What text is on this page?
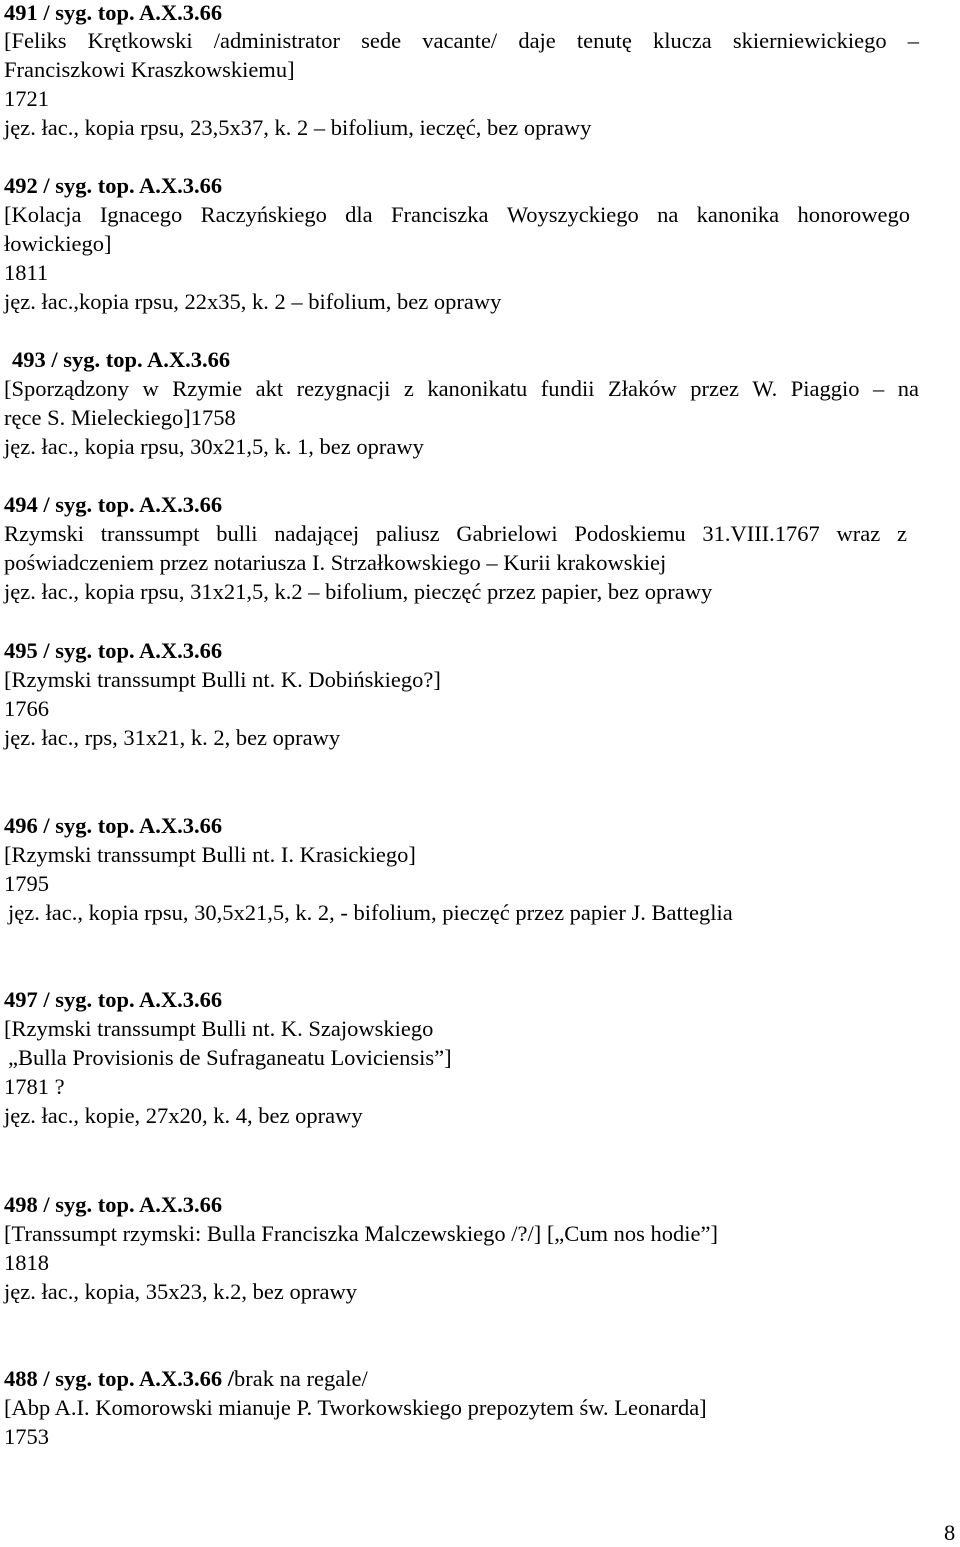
491 / syg. top. A.X.3.66
[Feliks Krętkowski /administrator sede vacante/ daje tenutę klucza skierniewickiego –
Franciszkowi Kraszkowskiemu]
1721
jęz. łac., kopia rpsu, 23,5x37, k. 2 – bifolium, ieczęć, bez oprawy
492 / syg. top. A.X.3.66
[Kolacja Ignacego Raczyńskiego dla Franciszka Woyszyckiego na kanonika honorowego
łowickiego]
1811
jęz. łac.,kopia rpsu, 22x35, k. 2 – bifolium, bez oprawy
493 / syg. top. A.X.3.66
[Sporządzony w Rzymie akt rezygnacji z kanonikatu fundii Złaków przez W. Piaggio – na
ręce S. Mieleckiego]1758
jęz. łac., kopia rpsu, 30x21,5, k. 1, bez oprawy
494 / syg. top. A.X.3.66
Rzymski transsumpt bulli nadającej paliusz Gabrielowi Podoskiemu 31.VIII.1767 wraz z
poświadczeniem przez notariusza I. Strzałkowskiego – Kurii krakowskiej
jęz. łac., kopia rpsu, 31x21,5, k.2 – bifolium, pieczęć przez papier, bez oprawy
495 / syg. top. A.X.3.66
[Rzymski transsumpt Bulli nt. K. Dobińskiego?]
1766
jęz. łac., rps, 31x21, k. 2, bez oprawy
496 / syg. top. A.X.3.66
[Rzymski transsumpt Bulli nt. I. Krasickiego]
1795
jęz. łac., kopia rpsu, 30,5x21,5, k. 2, - bifolium, pieczęć przez papier J. Batteglia
497 / syg. top. A.X.3.66
[Rzymski transsumpt Bulli nt. K. Szajowskiego
„Bulla Provisionis de Sufraganeatu Loviciensis”]
1781 ?
jęz. łac., kopie, 27x20, k. 4, bez oprawy
498 / syg. top. A.X.3.66
[Transsumpt rzymski: Bulla Franciszka Malczewskiego /?/] [„Cum nos hodie”]
1818
jęz. łac., kopia, 35x23, k.2, bez oprawy
488 / syg. top. A.X.3.66 /brak na regale/
[Abp A.I. Komorowski mianuje P. Tworkowskiego prepozytem św. Leonarda]
1753
8
